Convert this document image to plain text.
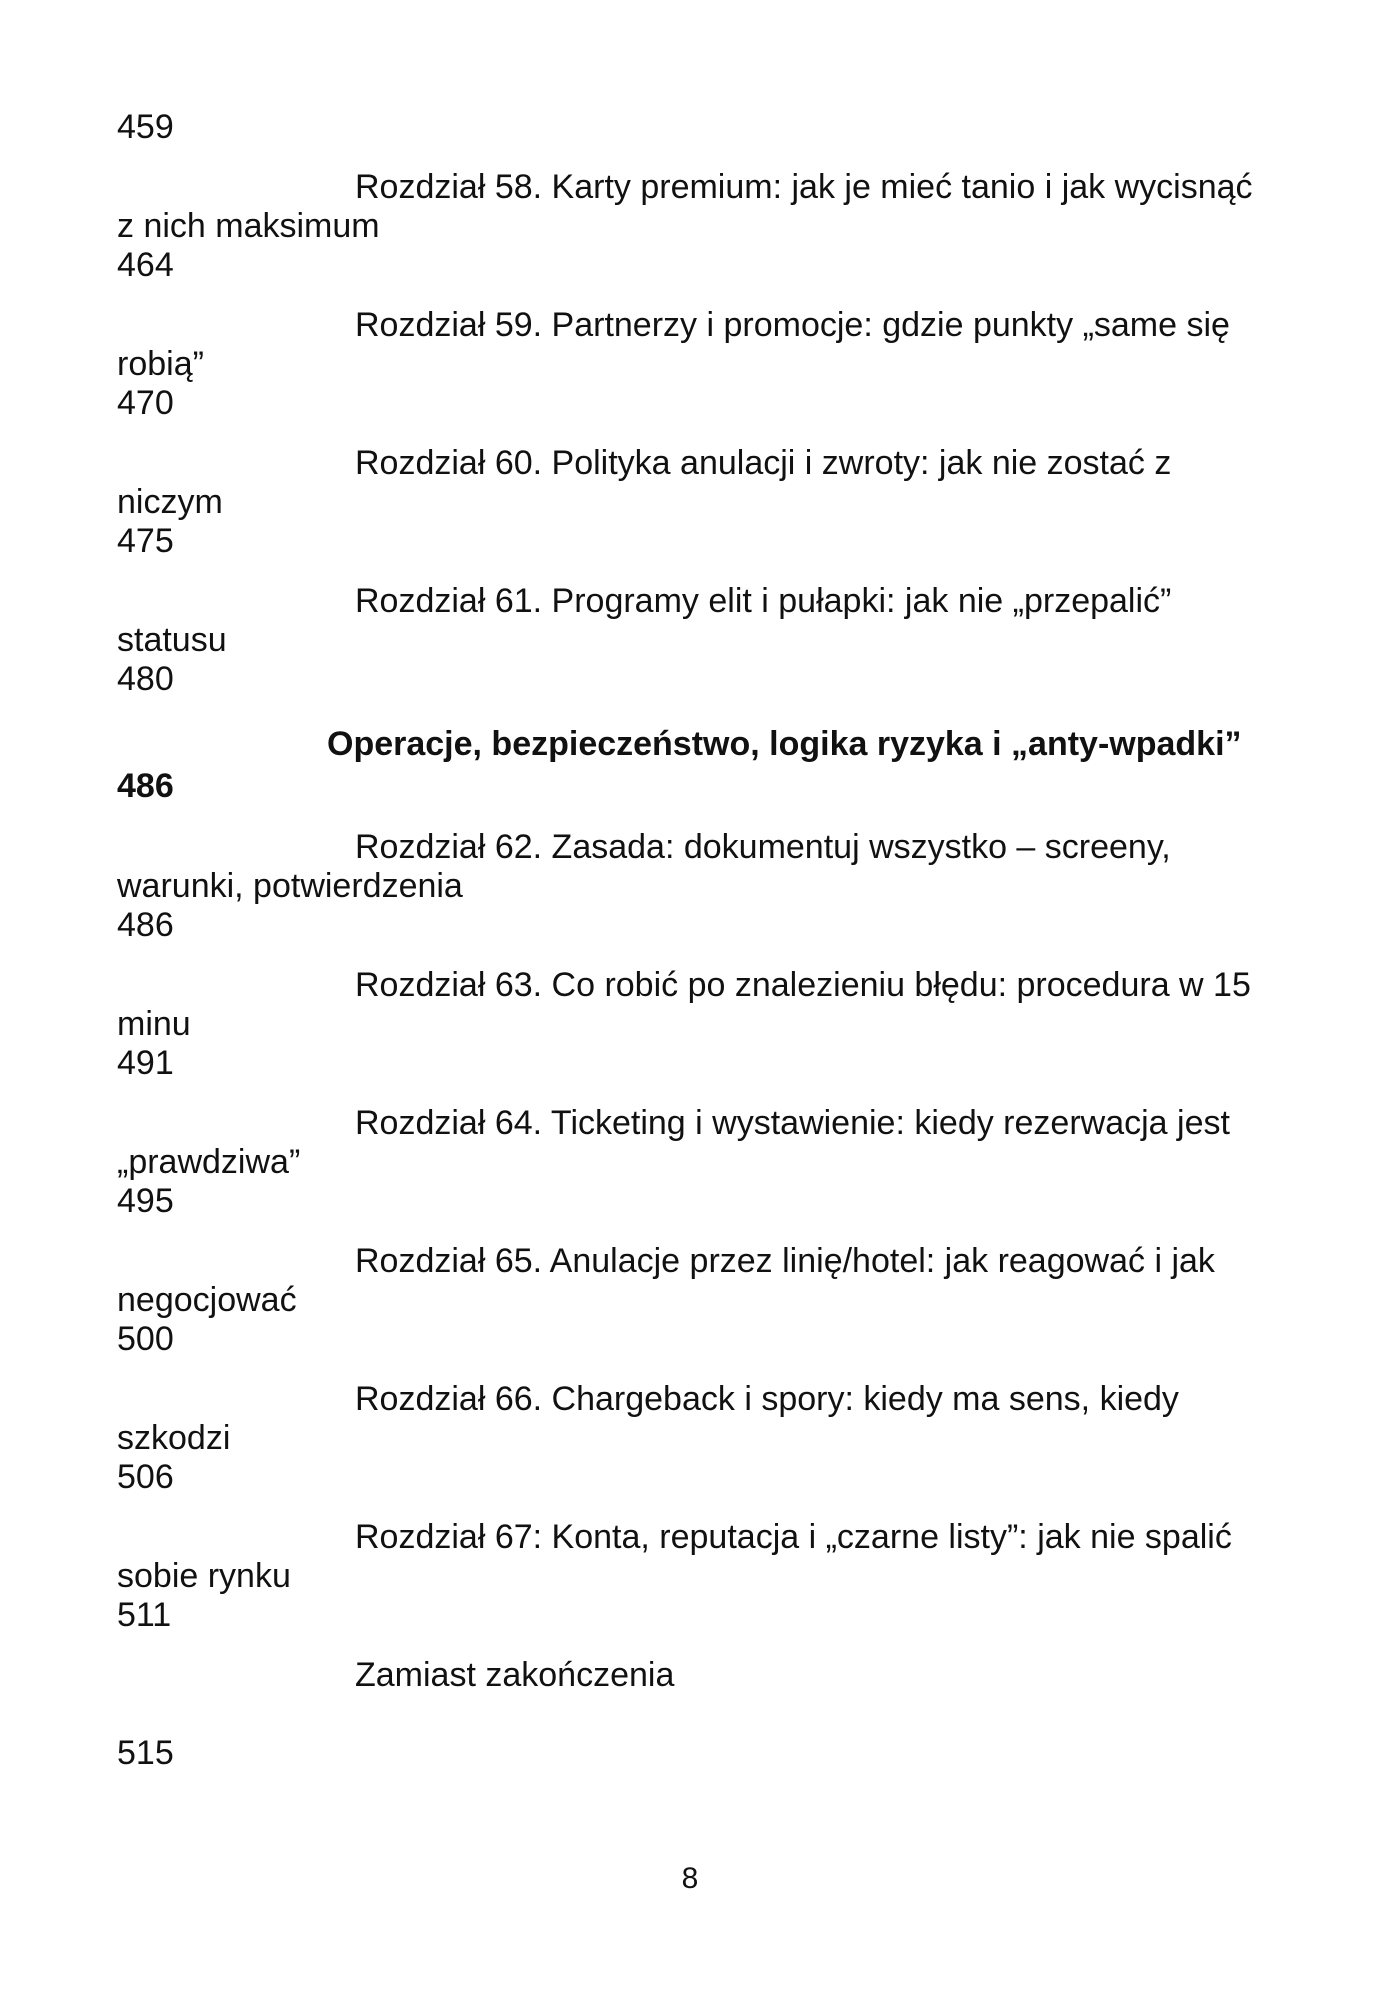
459
Rozdział 58. Karty premium: jak je mieć tanio i jak wycisnąć z nich maksimum
464
Rozdział 59. Partnerzy i promocje: gdzie punkty „same się robią”
470
Rozdział 60. Polityka anulacji i zwroty: jak nie zostać z niczym
475
Rozdział 61. Programy elit i pułapki: jak nie „przepalić” statusu
480
Operacje, bezpieczeństwo, logika ryzyka i „anty-wpadki”
486
Rozdział 62. Zasada: dokumentuj wszystko – screeny, warunki, potwierdzenia
486
Rozdział 63. Co robić po znalezieniu błędu: procedura w 15 minu
491
Rozdział 64. Ticketing i wystawienie: kiedy rezerwacja jest „prawdziwa”
495
Rozdział 65. Anulacje przez linię/hotel: jak reagować i jak negocjować
500
Rozdział 66. Chargeback i spory: kiedy ma sens, kiedy szkodzi
506
Rozdział 67: Konta, reputacja i „czarne listy”: jak nie spalić sobie rynku
511
Zamiast zakończenia
515
8
